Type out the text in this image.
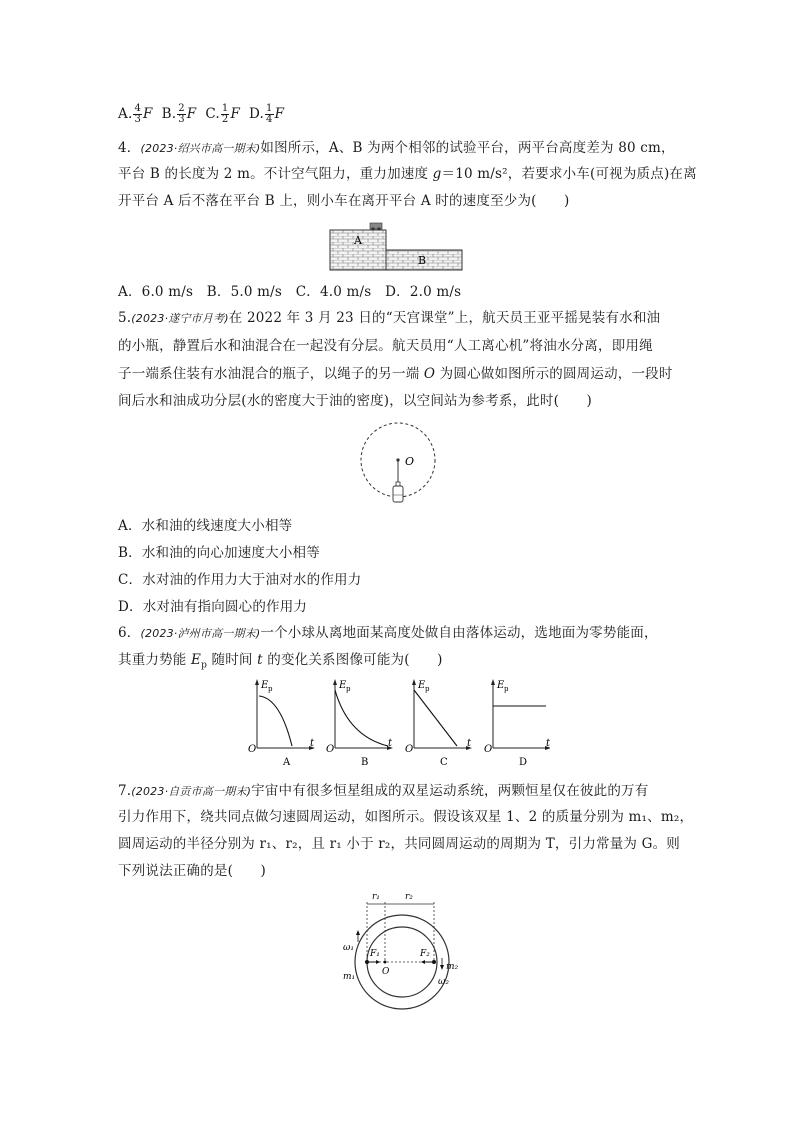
A. $\frac{4}{3}$ F B. $\frac{2}{3}$ F C. $\frac{1}{2}$ F D. $\frac{1}{4}$ F
4．(2023·绍兴市高一期末)如图所示，A、B 为两个相邻的试验平台，两平台高度差为 80 cm，
平台 B 的长度为 2 m。不计空气阻力，重力加速度 g＝10 m/s²，若要求小车(可视为质点)在离
开平台 A 后不落在平台 B 上，则小车在离开平台 A 时的速度至少为(　　)
A
B
A．6.0 m/s　B．5.0 m/s　C．4.0 m/s　D．2.0 m/s
5.(2023·遂宁市月考)在 2022 年 3 月 23 日的“天宫课堂”上，航天员王亚平摇晃装有水和油
的小瓶，静置后水和油混合在一起没有分层。航天员用“人工离心机”将油水分离，即用绳
子一端系住装有水油混合的瓶子，以绳子的另一端 O 为圆心做如图所示的圆周运动，一段时
间后水和油成功分层(水的密度大于油的密度)，以空间站为参考系，此时(　　)
O
A．水和油的线速度大小相等
B．水和油的向心加速度大小相等
C．水对油的作用力大于油对水的作用力
D．水对油有指向圆心的作用力
6．(2023·泸州市高一期末)一个小球从离地面某高度处做自由落体运动，选地面为零势能面，
其重力势能 $E_p$ 随时间 t 的变化关系图像可能为(　　)
E p
O
t
A
E p
O
t
B
E p
O
t
C
E p
O
t
D
7.(2023·自贡市高一期末)宇宙中有很多恒星组成的双星运动系统，两颗恒星仅在彼此的万有
引力作用下，绕共同点做匀速圆周运动，如图所示。假设该双星 1、2 的质量分别为 m₁、m₂，
圆周运动的半径分别为 r₁、r₂，且 r₁ 小于 r₂，共同圆周运动的周期为 T，引力常量为 G。则
下列说法正确的是(　　)
r₁	r₂
F₁	F₂
O
ω₁
m₁
m₂
ω₂
